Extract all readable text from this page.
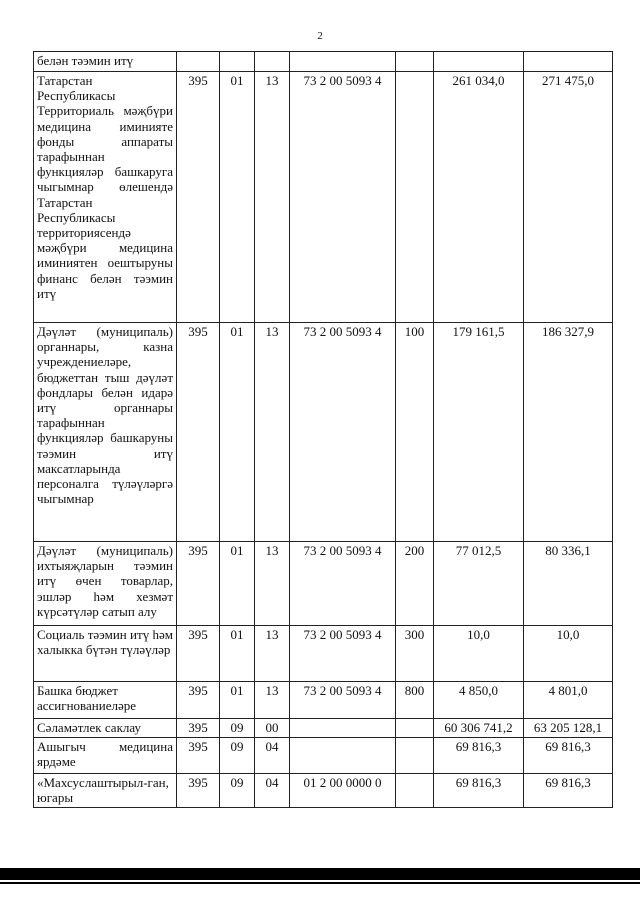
2
белән тәэмин итү							
Татарстан Республикасы Территориаль мәҗбүри медицина иминияте фонды аппараты тарафыннан функцияләр башкаруга чыгымнар өлешендә Татарстан Республикасы территориясендә мәҗбүри медицина иминиятен оештыруны финанс белән тәэмин итү	395	01	13	73 2 00 5093 4		261 034,0	271 475,0
Дәүләт (муниципаль) органнары, казна учреждениеләре, бюджеттан тыш дәүләт фондлары белән идарә итү органнары тарафыннан функцияләр башкаруны тәэмин итү максатларында персоналга түләүләргә чыгымнар	395	01	13	73 2 00 5093 4	100	179 161,5	186 327,9
Дәүләт (муниципаль) ихтыяҗларын тәэмин итү өчен товарлар, эшләр һәм хезмәт күрсәтүләр сатып алу	395	01	13	73 2 00 5093 4	200	77 012,5	80 336,1
Социаль тәэмин итү һәм халыкка бүтән түләүләр	395	01	13	73 2 00 5093 4	300	10,0	10,0
Башка бюджет ассигнованиеләре	395	01	13	73 2 00 5093 4	800	4 850,0	4 801,0
Сәламәтлек саклау	395	09	00			60 306 741,2	63 205 128,1
Ашыгыч медицина ярдәме	395	09	04			69 816,3	69 816,3
«Махсуслаштырыл-ган, югары	395	09	04	01 2 00 0000 0		69 816,3	69 816,3
